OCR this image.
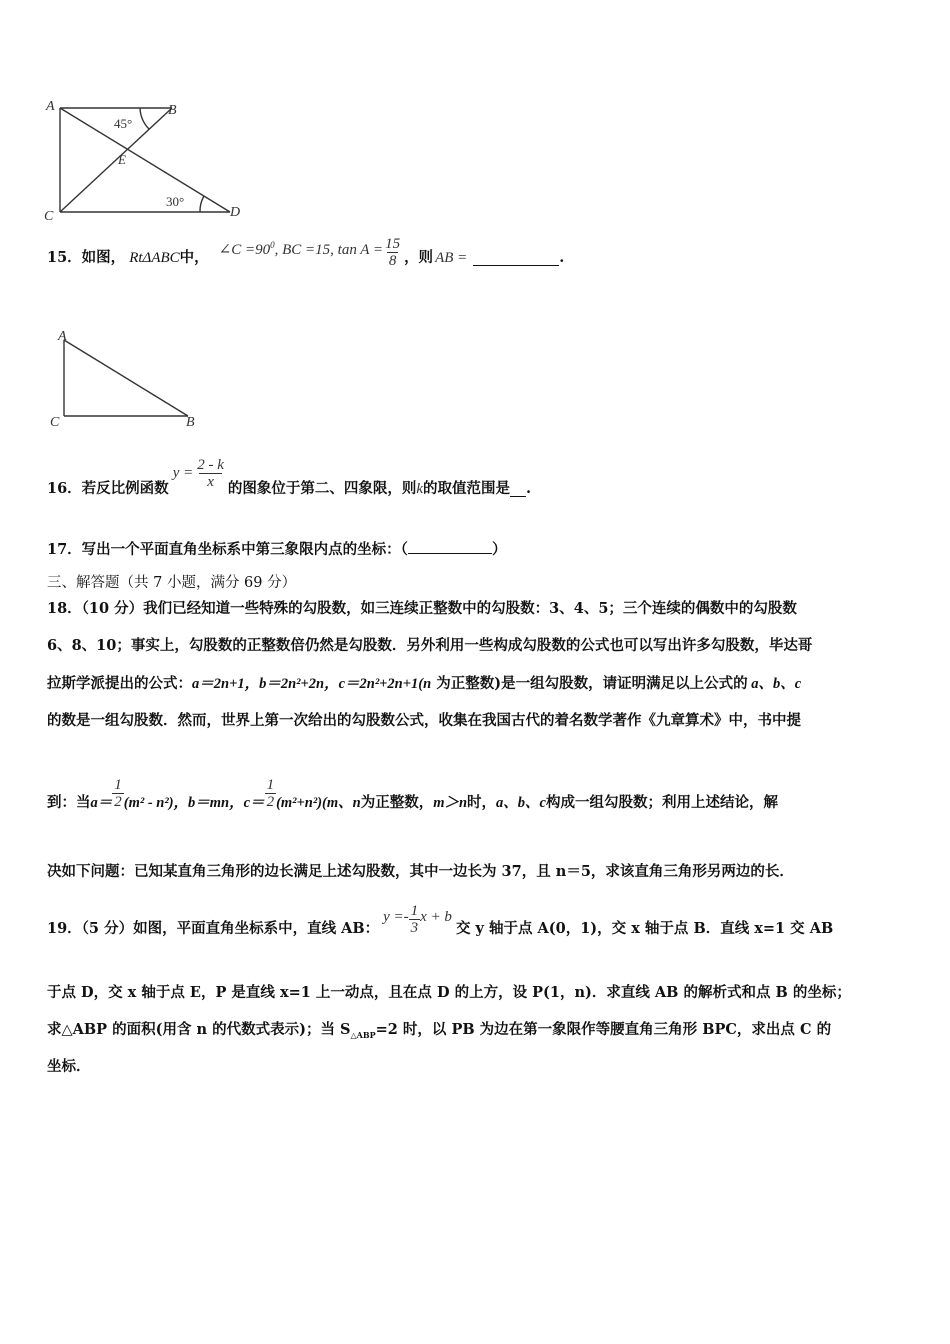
A	B
C	D
E
45°
30°
15．如图， RtΔABC 中， ∠C $=90^0$, BC =15, $\tan A = \frac{15}{8}$ ，则 AB =	.
A
C	B
16．若反比例函数
$y = \frac{2 - k}{x}$ 的图象位于第二、四象限，则 k 的取值范围是 .
17．写出一个平面直角坐标系中第三象限内点的坐标：（	）
三、解答题（共 7 小题，满分 69 分）
18．（10 分）我们已经知道一些特殊的勾股数，如三连续正整数中的勾股数：3、4、5；三个连续的偶数中的勾股数
6、8、10；事实上，勾股数的正整数倍仍然是勾股数．另外利用一些构成勾股数的公式也可以写出许多勾股数，毕达哥
拉斯学派提出的公式：a＝2n+1，b＝2n²+2n，c＝2n²+2n+1(n 为正整数)是一组勾股数，请证明满足以上公式的 a、b、c
的数是一组勾股数．然而，世界上第一次给出的勾股数公式，收集在我国古代的着名数学著作《九章算术》中，书中提
到：当 $a= \frac{1}{2} (m^2 - n^2)$， b＝mn，$c= \frac{1}{2} (m^2+n^2)(m$、n 为正整数， m＞n 时， a、b、c 构成一组勾股数；利用上述结论，解
决如下问题：已知某直角三角形的边长满足上述勾股数，其中一边长为 37，且 n＝5，求该直角三角形另两边的长．
19．（5 分）如图，平面直角坐标系中，直线 AB：
$y =- \frac{1}{3}$ x + b
交 y 轴于点 A(0，1)，交 x 轴于点 B．直线 x=1 交 AB
于点 D，交 x 轴于点 E，P 是直线 x=1 上一动点，且在点 D 的上方，设 P(1，n)．求直线 AB 的解析式和点 B 的坐标；
求△ABP 的面积(用含 n 的代数式表示)；当 $S_{\triangle ABP}=2$ 时，以 PB 为边在第一象限作等腰直角三角形 BPC，求出点 C 的
坐标．
